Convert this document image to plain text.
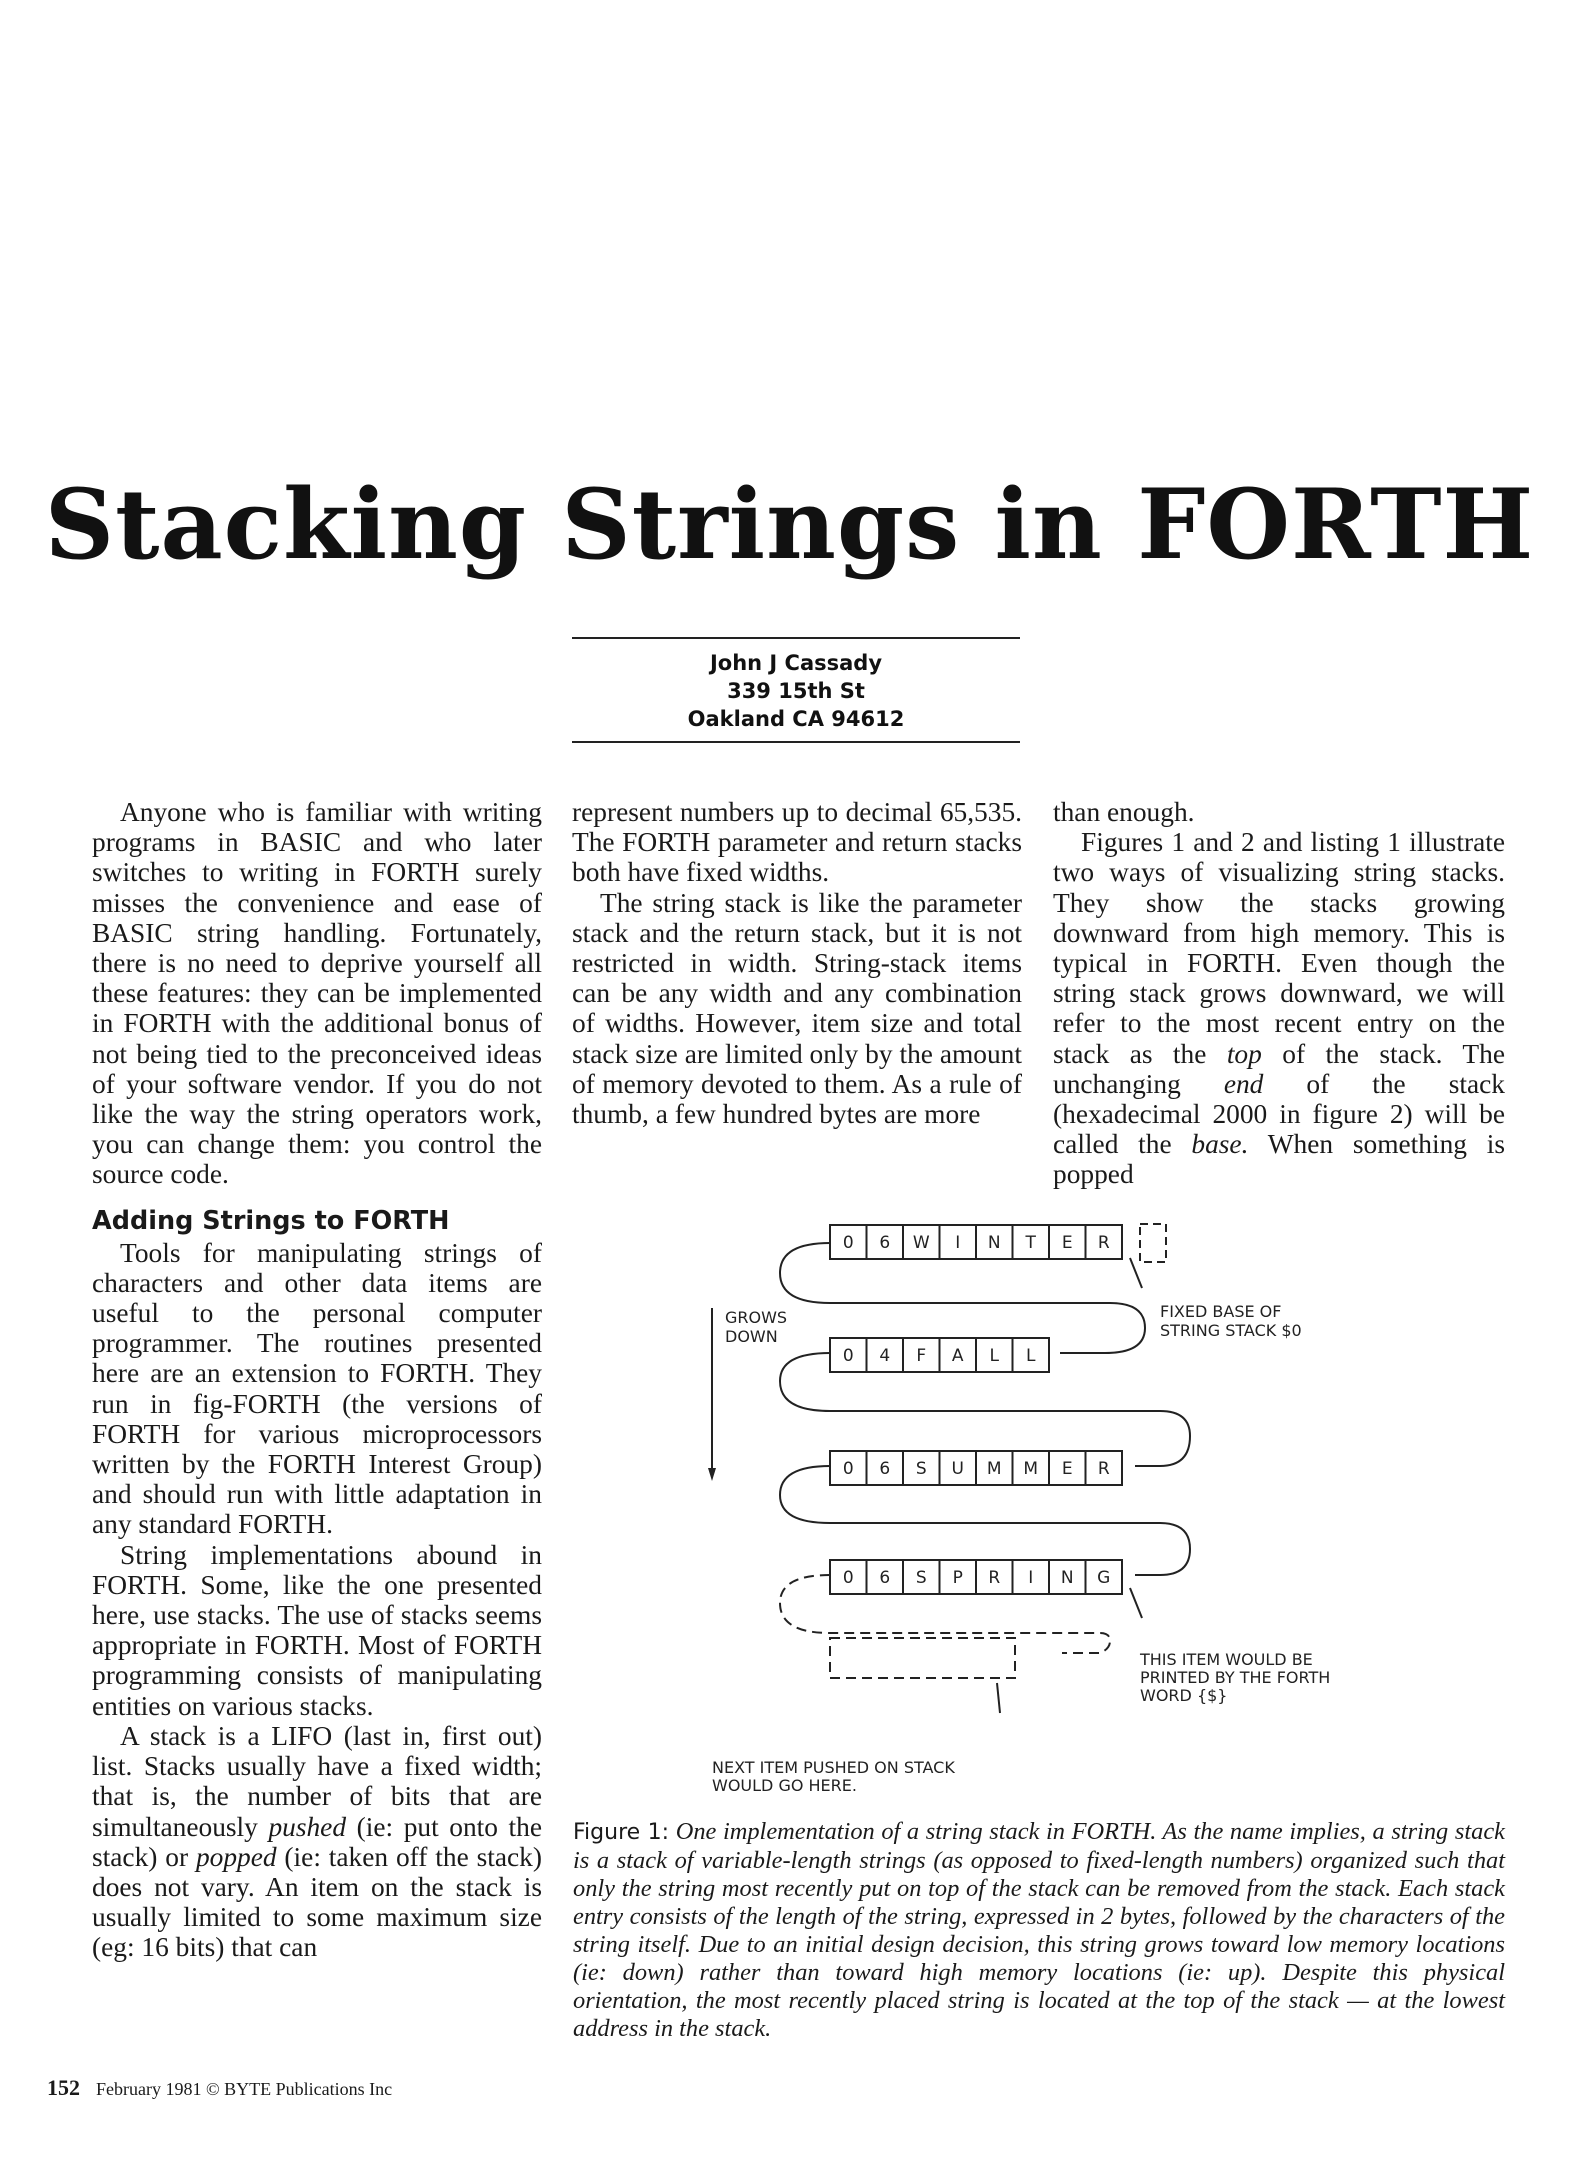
Stacking Strings in FORTH
John J Cassady
339 15th St
Oakland CA 94612

Anyone who is familiar with writing programs in BASIC and who later switches to writing in FORTH surely misses the convenience and ease of BASIC string handling. Fortunately, there is no need to deprive yourself all these features: they can be implemented in FORTH with the additional bonus of not being tied to the preconceived ideas of your software vendor. If you do not like the way the string operators work, you can change them: you control the source code.

Adding Strings to FORTH

Tools for manipulating strings of characters and other data items are useful to the personal computer programmer. The routines presented here are an extension to FORTH. They run in fig-FORTH (the versions of FORTH for various microprocessors written by the FORTH Interest Group) and should run with little adaptation in any standard FORTH.

String implementations abound in FORTH. Some, like the one presented here, use stacks. The use of stacks seems appropriate in FORTH. Most of FORTH programming consists of manipulating entities on various stacks.

A stack is a LIFO (last in, first out) list. Stacks usually have a fixed width; that is, the number of bits that are simultaneously pushed (ie: put onto the stack) or popped (ie: taken off the stack) does not vary. An item on the stack is usually limited to some maximum size (eg: 16 bits) that can

represent numbers up to decimal 65,535. The FORTH parameter and return stacks both have fixed widths.

The string stack is like the parameter stack and the return stack, but it is not restricted in width. String-stack items can be any width and any combination of widths. However, item size and total stack size are limited only by the amount of memory devoted to them. As a rule of thumb, a few hundred bytes are more

than enough.

Figures 1 and 2 and listing 1 illustrate two ways of visualizing string stacks. They show the stacks growing downward from high memory. This is typical in FORTH. Even though the string stack grows downward, we will refer to the most recent entry on the stack as the top of the stack. The unchanging end of the stack (hexadecimal 2000 in figure 2) will be called the base. When something is popped

0 6 W I N T E R
0 4 F A L L
0 6 S U M M E R
0 6 S P R I N G
GROWS
DOWN
FIXED BASE OF
STRING STACK $0
THIS ITEM WOULD BE
PRINTED BY THE FORTH
WORD {$}
NEXT ITEM PUSHED ON STACK
WOULD GO HERE.
Figure 1: One implementation of a string stack in FORTH. As the name implies, a string stack is a stack of variable-length strings (as opposed to fixed-length numbers) organized such that only the string most recently put on top of the stack can be removed from the stack. Each stack entry consists of the length of the string, expressed in 2 bytes, followed by the characters of the string itself. Due to an initial design decision, this string grows toward low memory locations (ie: down) rather than toward high memory locations (ie: up). Despite this physical orientation, the most recently placed string is located at the top of the stack — at the lowest address in the stack.
152 February 1981 © BYTE Publications Inc
